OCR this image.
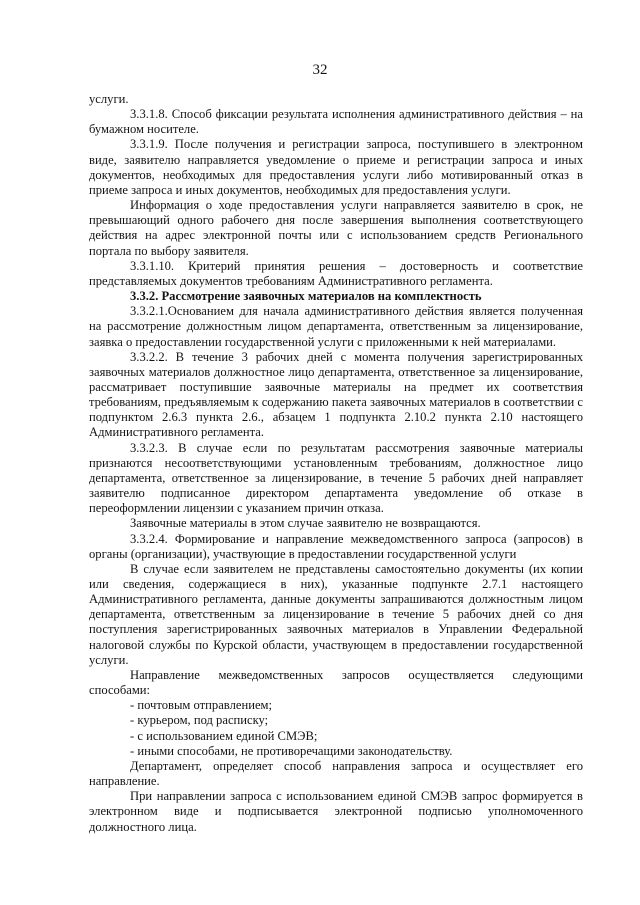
32

услуги.

3.3.1.8. Способ фиксации результата исполнения административного действия – на бумажном носителе.

3.3.1.9. После получения и регистрации запроса, поступившего в электронном виде, заявителю направляется уведомление о приеме и регистрации запроса и иных документов, необходимых для предоставления услуги либо мотивированный отказ в приеме запроса и иных документов, необходимых для предоставления услуги.

Информация о ходе предоставления услуги направляется заявителю в срок, не превышающий одного рабочего дня после завершения выполнения соответствующего действия на адрес электронной почты или с использованием средств Регионального портала по выбору заявителя.

3.3.1.10. Критерий принятия решения – достоверность и соответствие представляемых документов требованиям Административного регламента.

3.3.2. Рассмотрение заявочных материалов на комплектность

3.3.2.1.Основанием для начала административного действия является полученная на рассмотрение должностным лицом департамента, ответственным за лицензирование, заявка о предоставлении государственной услуги с приложенными к ней материалами.

3.3.2.2. В течение 3 рабочих дней с момента получения зарегистрированных заявочных материалов должностное лицо департамента, ответственное за лицензирование, рассматривает поступившие заявочные материалы на предмет их соответствия требованиям, предъявляемым к содержанию пакета заявочных материалов в соответствии с подпунктом 2.6.3 пункта 2.6., абзацем 1 подпункта 2.10.2 пункта 2.10 настоящего Административного регламента.

3.3.2.3. В случае если по результатам рассмотрения заявочные материалы признаются несоответствующими установленным требованиям, должностное лицо департамента, ответственное за лицензирование, в течение 5 рабочих дней направляет заявителю подписанное директором департамента уведомление об отказе в переоформлении лицензии с указанием причин отказа.

Заявочные материалы в этом случае заявителю не возвращаются.

3.3.2.4. Формирование и направление межведомственного запроса (запросов) в органы (организации), участвующие в предоставлении государственной услуги

В случае если заявителем не представлены самостоятельно документы (их копии или сведения, содержащиеся в них), указанные подпункте 2.7.1 настоящего Административного регламента, данные документы запрашиваются должностным лицом департамента, ответственным за лицензирование в течение 5 рабочих дней со дня поступления зарегистрированных заявочных материалов в Управлении Федеральной налоговой службы по Курской области, участвующем в предоставлении государственной услуги.

Направление межведомственных запросов осуществляется следующими способами:

- почтовым отправлением;

- курьером, под расписку;

- с использованием единой СМЭВ;

- иными способами, не противоречащими законодательству.

Департамент, определяет способ направления запроса и осуществляет его направление.

При направлении запроса с использованием единой СМЭВ запрос формируется в электронном виде и подписывается электронной подписью уполномоченного должностного лица.
